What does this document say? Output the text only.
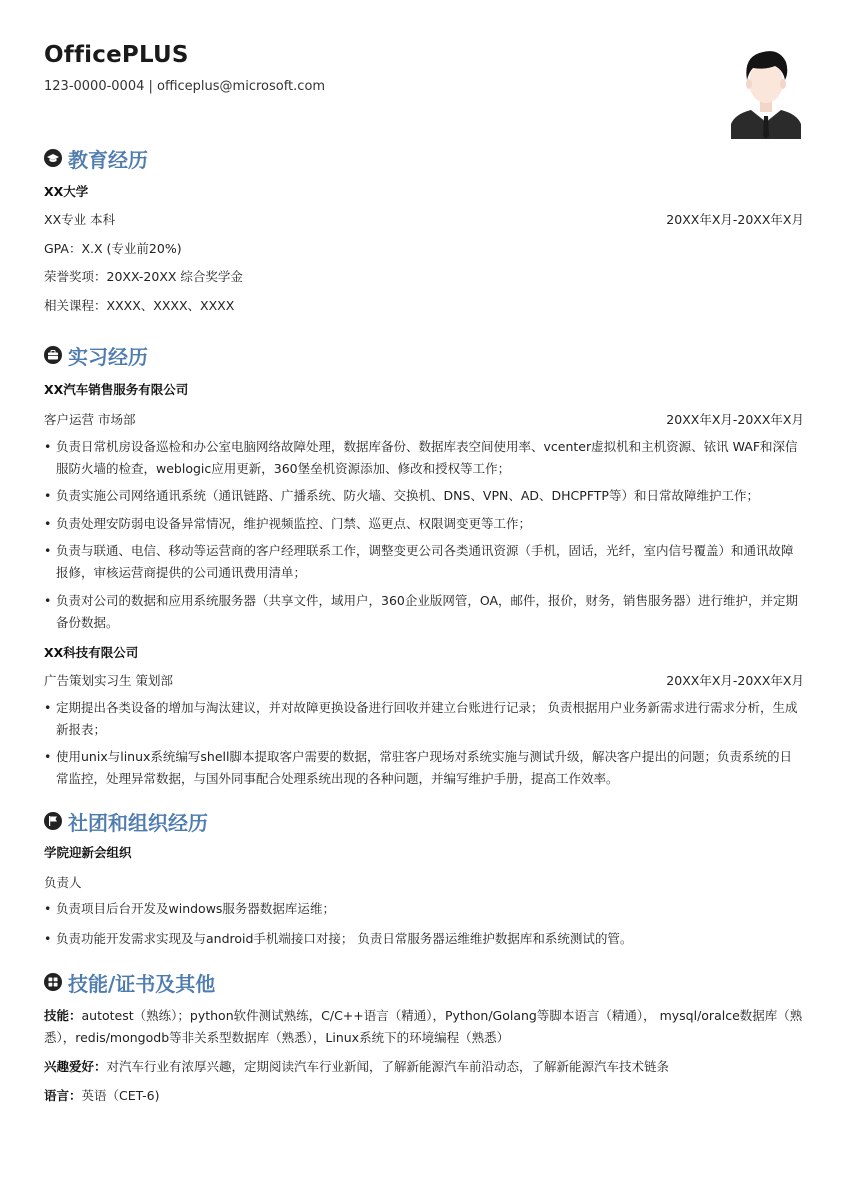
OfficePLUS
123-0000-0004 | officeplus@microsoft.com
教育经历
XX大学
XX专业 本科	20XX年X月-20XX年X月
GPA：X.X (专业前20%)
荣誉奖项：20XX-20XX 综合奖学金
相关课程：XXXX、XXXX、XXXX
实习经历
XX汽车销售服务有限公司
客户运营 市场部	20XX年X月-20XX年X月
• 负责日常机房设备巡检和办公室电脑网络故障处理，数据库备份、数据库表空间使用率、vcenter虚拟机和主机资源、铱讯 WAF和深信服防火墙的检查，weblogic应用更新，360堡垒机资源添加、修改和授权等工作；
• 负责实施公司网络通讯系统（通讯链路、广播系统、防火墙、交换机、DNS、VPN、AD、DHCPFTP等）和日常故障维护工作；
• 负责处理安防弱电设备异常情况，维护视频监控、门禁、巡更点、权限调变更等工作；
• 负责与联通、电信、移动等运营商的客户经理联系工作，调整变更公司各类通讯资源（手机，固话，光纤，室内信号覆盖）和通讯故障报修，审核运营商提供的公司通讯费用清单；
• 负责对公司的数据和应用系统服务器（共享文件，域用户，360企业版网管，OA，邮件，报价，财务，销售服务器）进行维护，并定期备份数据。
XX科技有限公司
广告策划实习生 策划部	20XX年X月-20XX年X月
• 定期提出各类设备的增加与淘汰建议，并对故障更换设备进行回收并建立台账进行记录； 负责根据用户业务新需求进行需求分析，生成新报表；
• 使用unix与linux系统编写shell脚本提取客户需要的数据，常驻客户现场对系统实施与测试升级，解决客户提出的问题；负责系统的日常监控，处理异常数据，与国外同事配合处理系统出现的各种问题，并编写维护手册，提高工作效率。
社团和组织经历
学院迎新会组织
负责人
• 负责项目后台开发及windows服务器数据库运维；
• 负责功能开发需求实现及与android手机端接口对接； 负责日常服务器运维维护数据库和系统测试的管。
技能/证书及其他
技能：autotest（熟练）；python软件测试熟练，C/C++语言（精通），Python/Golang等脚本语言（精通）， mysql/oralce数据库（熟悉），redis/mongodb等非关系型数据库（熟悉），Linux系统下的环境编程（熟悉）
兴趣爱好：对汽车行业有浓厚兴趣，定期阅读汽车行业新闻，了解新能源汽车前沿动态，了解新能源汽车技术链条
语言：英语（CET-6)
